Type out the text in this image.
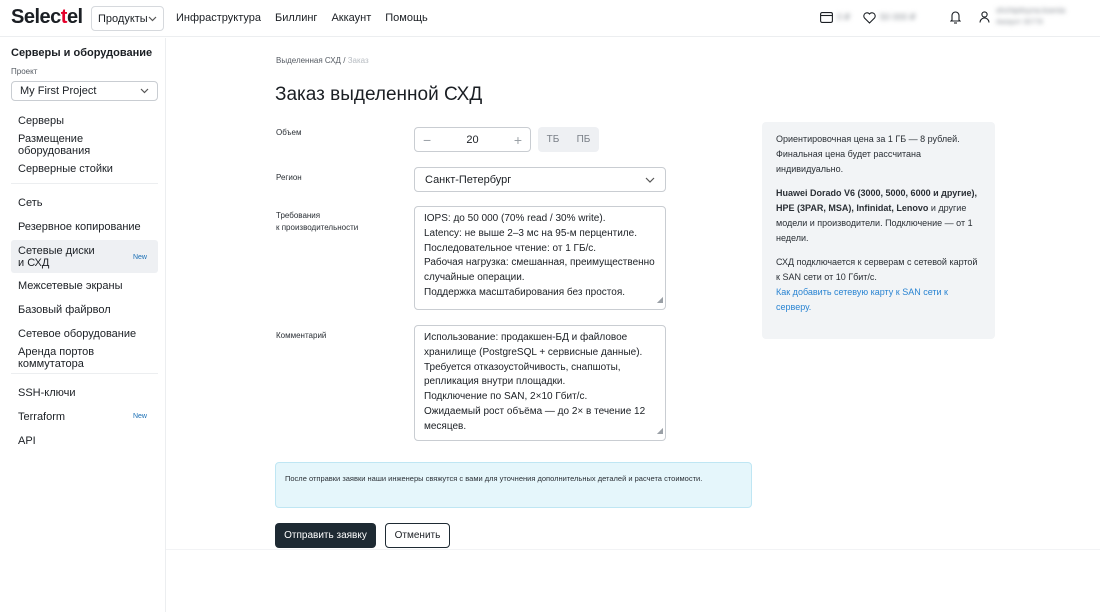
Selectel Продукты	Инфраструктура Биллинг Аккаунт Помощь	0 ₽	50 000 ₽
shchipitsyna.ksenia
Аккаунт 30778
Серверы и оборудование
Проект
My First Project
Серверы
Размещение оборудования
Серверные стойки
Сеть
Резервное копирование
Сетевые диски
и СХД	New
Межсетевые экраны
Базовый файрвол
Сетевое оборудование
Аренда портов коммутатора
SSH-ключи
Terraform	New
API
Выделенная СХД / Заказ
Заказ выделенной СХД
Объем	−	20	+ ТБ ПБ
Регион	Санкт-Петербург
Требования
к производительности
IOPS: до 50 000 (70% read / 30% write).
Latency: не выше 2–3 мс на 95-м перцентиле.
Последовательное чтение: от 1 ГБ/с.
Рабочая нагрузка: смешанная, преимущественно
случайные операции.
Поддержка масштабирования без простоя.
◢
Комментарий	Использование: продакшен-БД и файловое
хранилище (PostgreSQL + сервисные данные).
Требуется отказоустойчивость, снапшоты,
репликация внутри площадки.
Подключение по SAN, 2×10 Гбит/с.
Ожидаемый рост объёма — до 2× в течение 12
месяцев.	◢
После отправки заявки наши инженеры свяжутся с вами для уточнения дополнительных деталей и расчета стоимости.
Отправить заявку	Отменить

Ориентировочная цена за 1 ГБ — 8 рублей. Финальная цена будет рассчитана индивидуально.

Huawei Dorado V6 (3000, 5000, 6000 и другие), HPE (3PAR, MSA), Infinidat, Lenovo и другие модели и производители. Подключение — от 1 недели.

СХД подключается к серверам с сетевой картой к SAN сети от 10 Гбит/с.
Как добавить сетевую карту к SAN сети к серверу.
